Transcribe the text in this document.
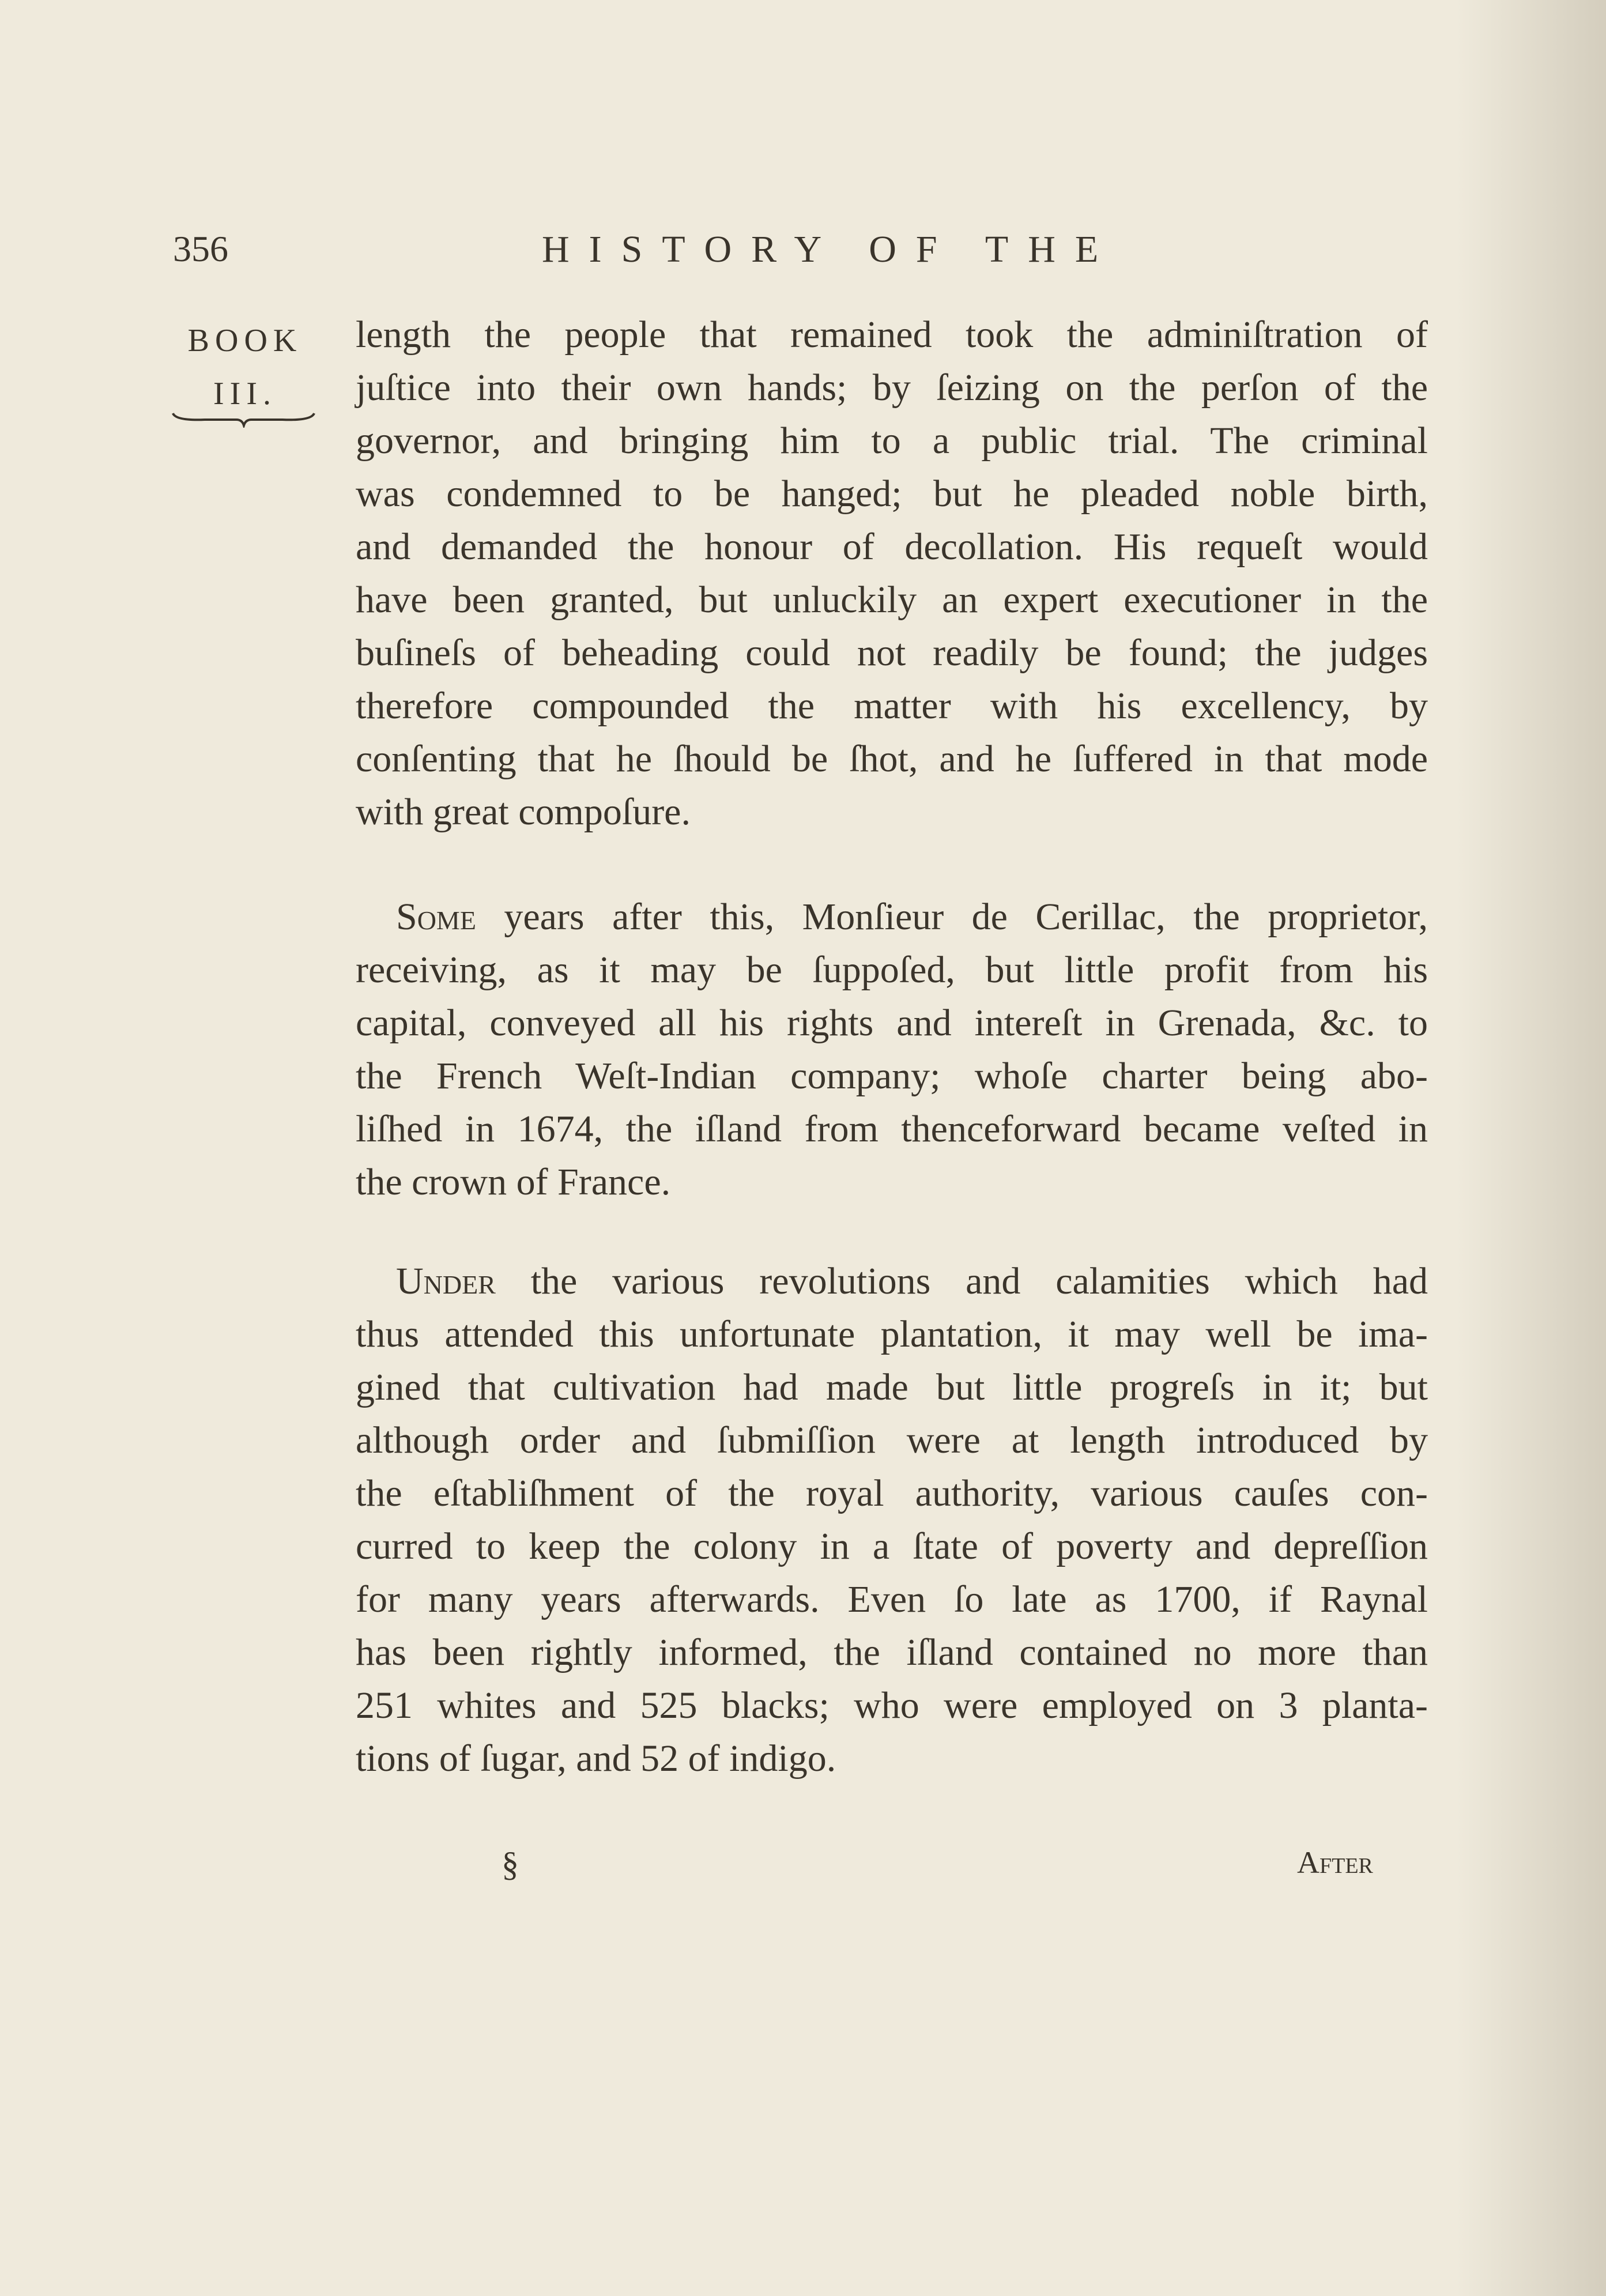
356	HISTORY OF THE
BOOK
III.
length the people that remained took the adminiſtration of
juſtice into their own hands; by ſeizing on the perſon of the
governor, and bringing him to a public trial. The criminal
was condemned to be hanged; but he pleaded noble birth,
and demanded the honour of decollation. His requeſt would
have been granted, but unluckily an expert executioner in the
buſineſs of beheading could not readily be found; the judges
therefore compounded the matter with his excellency, by
conſenting that he ſhould be ſhot, and he ſuffered in that mode
with great compoſure.
Some years after this, Monſieur de Cerillac, the proprietor,
receiving, as it may be ſuppoſed, but little profit from his
capital, conveyed all his rights and intereſt in Grenada, &c. to
the French Weſt-Indian company; whoſe charter being abo-
liſhed in 1674, the iſland from thenceforward became veſted in
the crown of France.
Under the various revolutions and calamities which had
thus attended this unfortunate plantation, it may well be ima-
gined that cultivation had made but little progreſs in it; but
although order and ſubmiſſion were at length introduced by
the eſtabliſhment of the royal authority, various cauſes con-
curred to keep the colony in a ſtate of poverty and depreſſion
for many years afterwards. Even ſo late as 1700, if Raynal
has been rightly informed, the iſland contained no more than
251 whites and 525 blacks; who were employed on 3 planta-
tions of ſugar, and 52 of indigo.
§	After
